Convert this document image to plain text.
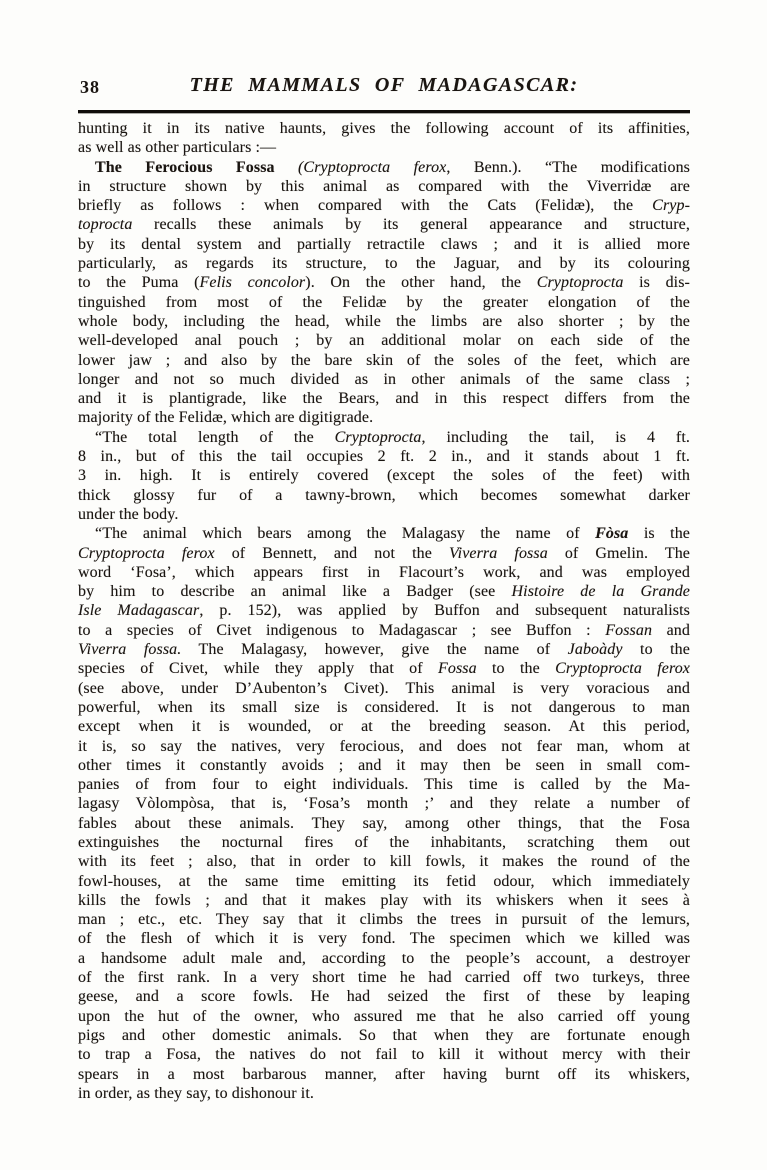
38	THE MAMMALS OF MADAGASCAR:
hunting it in its native haunts, gives the following account of its affinities,
as well as other particulars :—
The Ferocious Fossa (Cryptoprocta ferox, Benn.). “The modifications
in structure shown by this animal as compared with the Viverridæ are
briefly as follows : when compared with the Cats (Felidæ), the Cryp-
toprocta recalls these animals by its general appearance and structure,
by its dental system and partially retractile claws ; and it is allied more
particularly, as regards its structure, to the Jaguar, and by its colouring
to the Puma (Felis concolor). On the other hand, the Cryptoprocta is dis-
tinguished from most of the Felidæ by the greater elongation of the
whole body, including the head, while the limbs are also shorter ; by the
well-developed anal pouch ; by an additional molar on each side of the
lower jaw ; and also by the bare skin of the soles of the feet, which are
longer and not so much divided as in other animals of the same class ;
and it is plantigrade, like the Bears, and in this respect differs from the
majority of the Felidæ, which are digitigrade.
“The total length of the Cryptoprocta, including the tail, is 4 ft.
8 in., but of this the tail occupies 2 ft. 2 in., and it stands about 1 ft.
3 in. high. It is entirely covered (except the soles of the feet) with
thick glossy fur of a tawny-brown, which becomes somewhat darker
under the body.
“The animal which bears among the Malagasy the name of Fòsa is the
Cryptoprocta ferox of Bennett, and not the Viverra fossa of Gmelin. The
word ‘Fosa’, which appears first in Flacourt’s work, and was employed
by him to describe an animal like a Badger (see Histoire de la Grande
Isle Madagascar, p. 152), was applied by Buffon and subsequent naturalists
to a species of Civet indigenous to Madagascar ; see Buffon : Fossan and
Viverra fossa. The Malagasy, however, give the name of Jaboàdy to the
species of Civet, while they apply that of Fossa to the Cryptoprocta ferox
(see above, under D’Aubenton’s Civet). This animal is very voracious and
powerful, when its small size is considered. It is not dangerous to man
except when it is wounded, or at the breeding season. At this period,
it is, so say the natives, very ferocious, and does not fear man, whom at
other times it constantly avoids ; and it may then be seen in small com-
panies of from four to eight individuals. This time is called by the Ma-
lagasy Vòlompòsa, that is, ‘Fosa’s month ;’ and they relate a number of
fables about these animals. They say, among other things, that the Fosa
extinguishes the nocturnal fires of the inhabitants, scratching them out
with its feet ; also, that in order to kill fowls, it makes the round of the
fowl-houses, at the same time emitting its fetid odour, which immediately
kills the fowls ; and that it makes play with its whiskers when it sees à
man ; etc., etc. They say that it climbs the trees in pursuit of the lemurs,
of the flesh of which it is very fond. The specimen which we killed was
a handsome adult male and, according to the people’s account, a destroyer
of the first rank. In a very short time he had carried off two turkeys, three
geese, and a score fowls. He had seized the first of these by leaping
upon the hut of the owner, who assured me that he also carried off young
pigs and other domestic animals. So that when they are fortunate enough
to trap a Fosa, the natives do not fail to kill it without mercy with their
spears in a most barbarous manner, after having burnt off its whiskers,
in order, as they say, to dishonour it.
